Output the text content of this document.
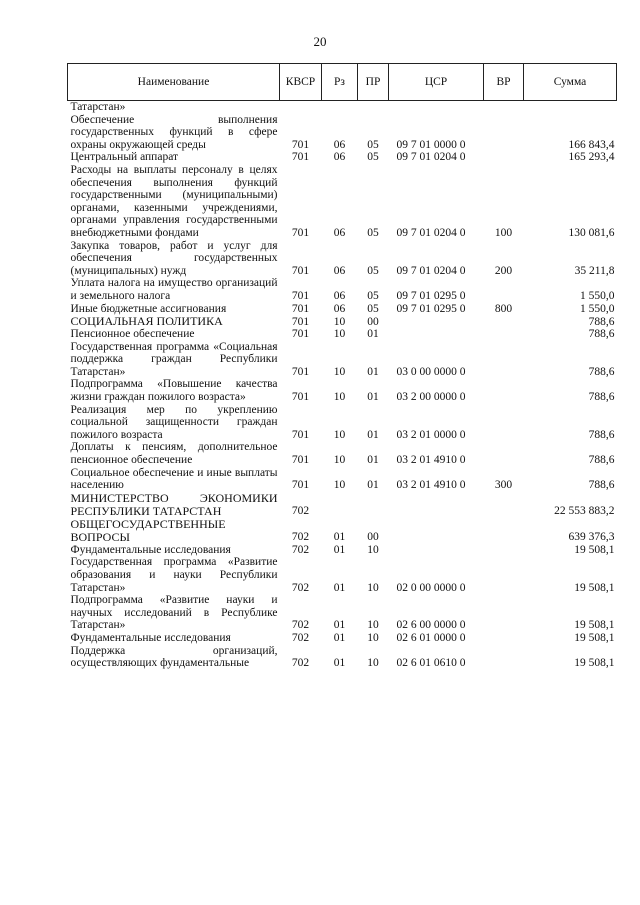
20
Наименование	КВСР	Рз	ПР	ЦСР	ВР	Сумма
Татарстан»						
Обеспечение выполнения государственных функций в сфере охраны окружающей среды	701	06	05	09 7 01 0000 0		166 843,4
Центральный аппарат	701	06	05	09 7 01 0204 0		165 293,4
Расходы на выплаты персоналу в целях обеспечения выполнения функций государственными (муниципальными) органами, казенными учреждениями, органами управления государственными внебюджетными фондами	701	06	05	09 7 01 0204 0	100	130 081,6
Закупка товаров, работ и услуг для обеспечения государственных (муниципальных) нужд	701	06	05	09 7 01 0204 0	200	35 211,8
Уплата налога на имущество организаций и земельного налога	701	06	05	09 7 01 0295 0		1 550,0
Иные бюджетные ассигнования	701	06	05	09 7 01 0295 0	800	1 550,0
СОЦИАЛЬНАЯ ПОЛИТИКА	701	10	00			788,6
Пенсионное обеспечение	701	10	01			788,6
Государственная программа «Социальная поддержка граждан Республики Татарстан»	701	10	01	03 0 00 0000 0		788,6
Подпрограмма «Повышение качества жизни граждан пожилого возраста»	701	10	01	03 2 00 0000 0		788,6
Реализация мер по укреплению социальной защищенности граждан пожилого возраста	701	10	01	03 2 01 0000 0		788,6
Доплаты к пенсиям, дополнительное пенсионное обеспечение	701	10	01	03 2 01 4910 0		788,6
Социальное обеспечение и иные выплаты населению	701	10	01	03 2 01 4910 0	300	788,6
МИНИСТЕРСТВО ЭКОНОМИКИ РЕСПУБЛИКИ ТАТАРСТАН	702					22 553 883,2
ОБЩЕГОСУДАРСТВЕННЫЕ ВОПРОСЫ	702	01	00			639 376,3
Фундаментальные исследования	702	01	10			19 508,1
Государственная программа «Развитие образования и науки Республики Татарстан»	702	01	10	02 0 00 0000 0		19 508,1
Подпрограмма «Развитие науки и научных исследований в Республике Татарстан»	702	01	10	02 6 00 0000 0		19 508,1
Фундаментальные исследования	702	01	10	02 6 01 0000 0		19 508,1
Поддержка организаций, осуществляющих фундаментальные	702	01	10	02 6 01 0610 0		19 508,1
